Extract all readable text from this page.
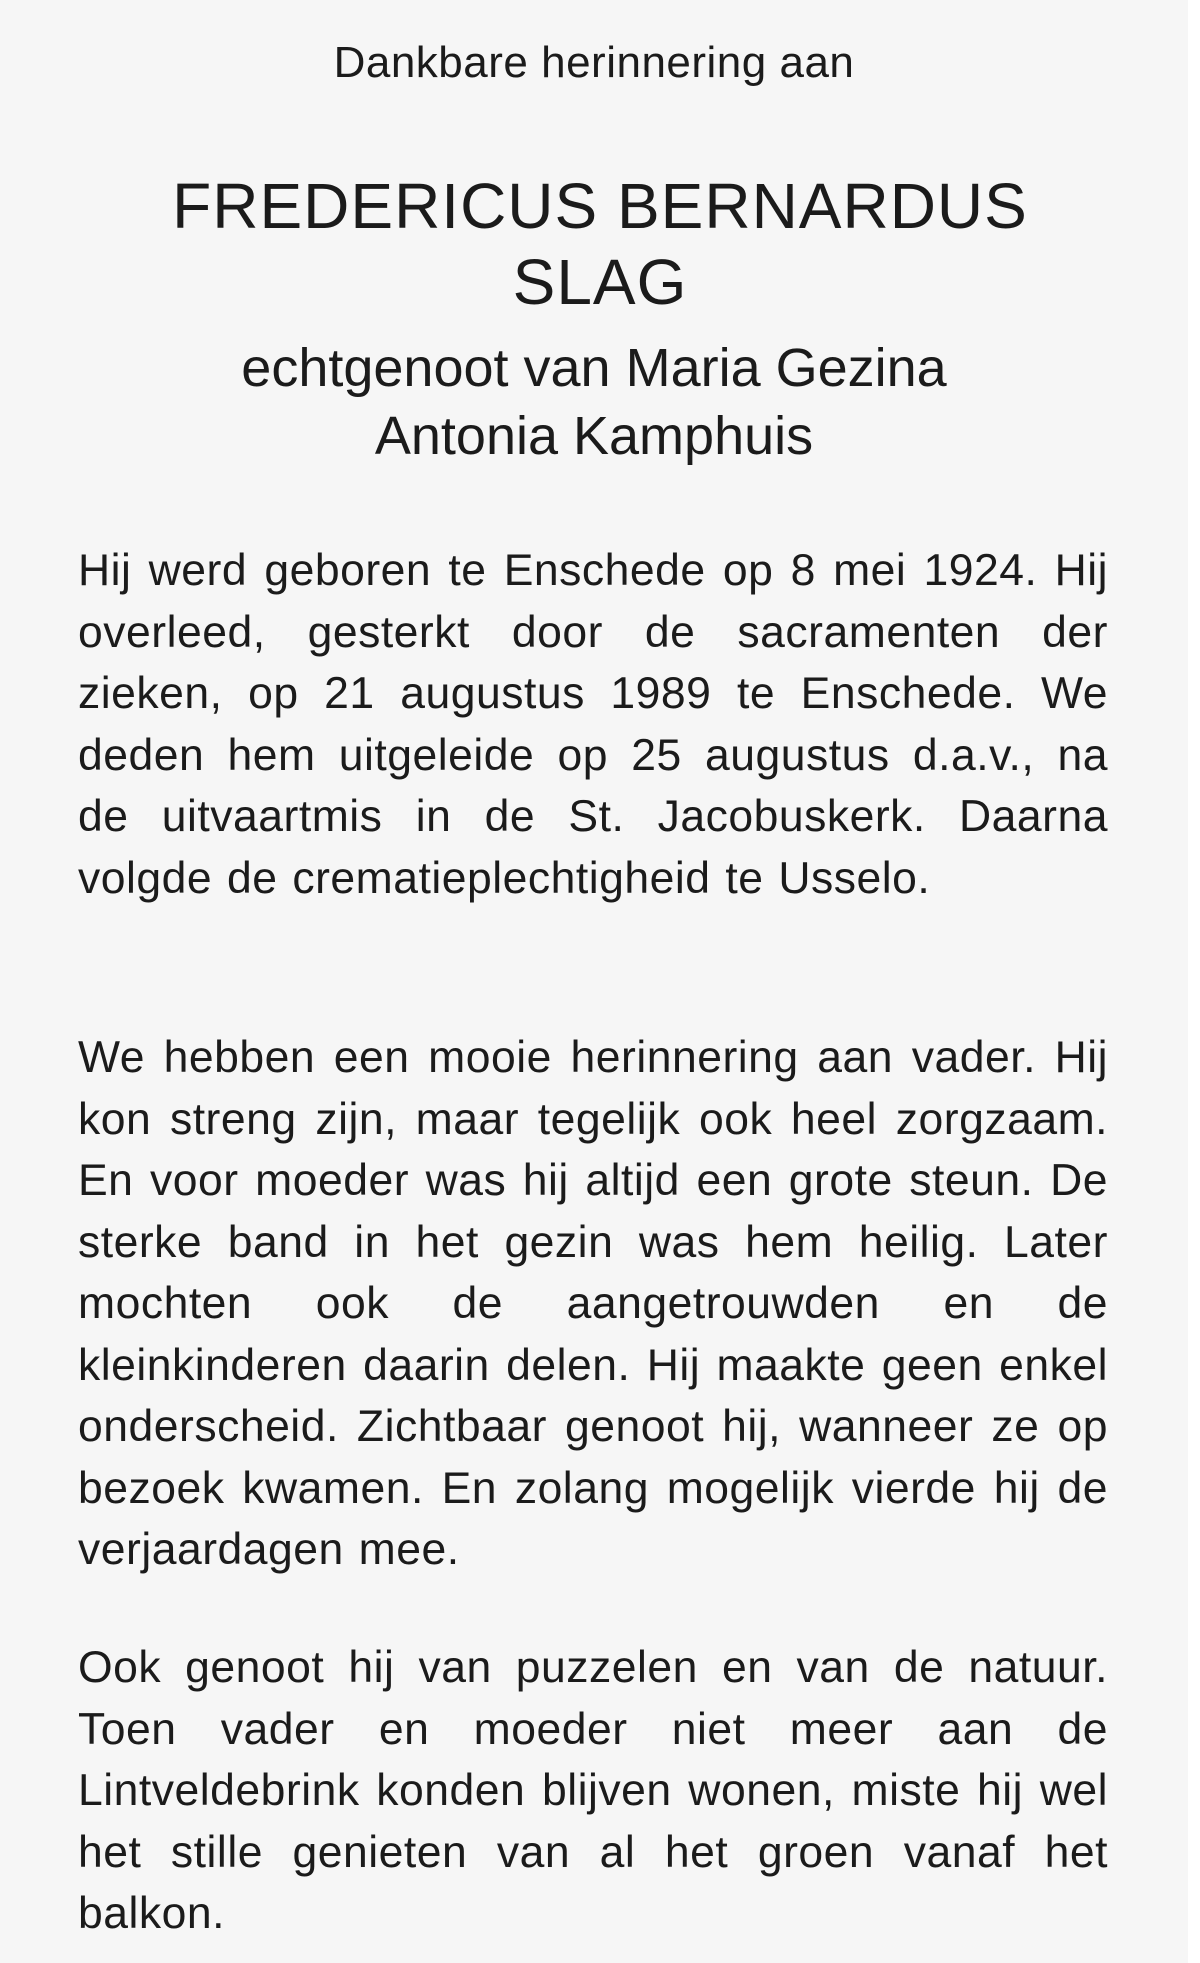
Dankbare herinnering aan
FREDERICUS BERNARDUS
SLAG
echtgenoot van Maria Gezina
Antonia Kamphuis

Hij werd geboren te Enschede op 8 mei 1924. Hij overleed, gesterkt door de sacramenten der zieken, op 21 augustus 1989 te Enschede. We deden hem uitgeleide op 25 augustus d.a.v., na de uitvaartmis in de St. Jacobuskerk. Daarna volgde de crematieplechtigheid te Usselo.

We hebben een mooie herinnering aan vader. Hij kon streng zijn, maar tegelijk ook heel zorgzaam. En voor moeder was hij altijd een grote steun. De sterke band in het gezin was hem heilig. Later mochten ook de aangetrouwden en de kleinkinderen daarin delen. Hij maakte geen enkel onderscheid. Zichtbaar genoot hij, wanneer ze op bezoek kwamen. En zolang mogelijk vierde hij de verjaardagen mee.

Ook genoot hij van puzzelen en van de natuur. Toen vader en moeder niet meer aan de Lintveldebrink konden blijven wonen, miste hij wel het stille genieten van al het groen vanaf het balkon.
